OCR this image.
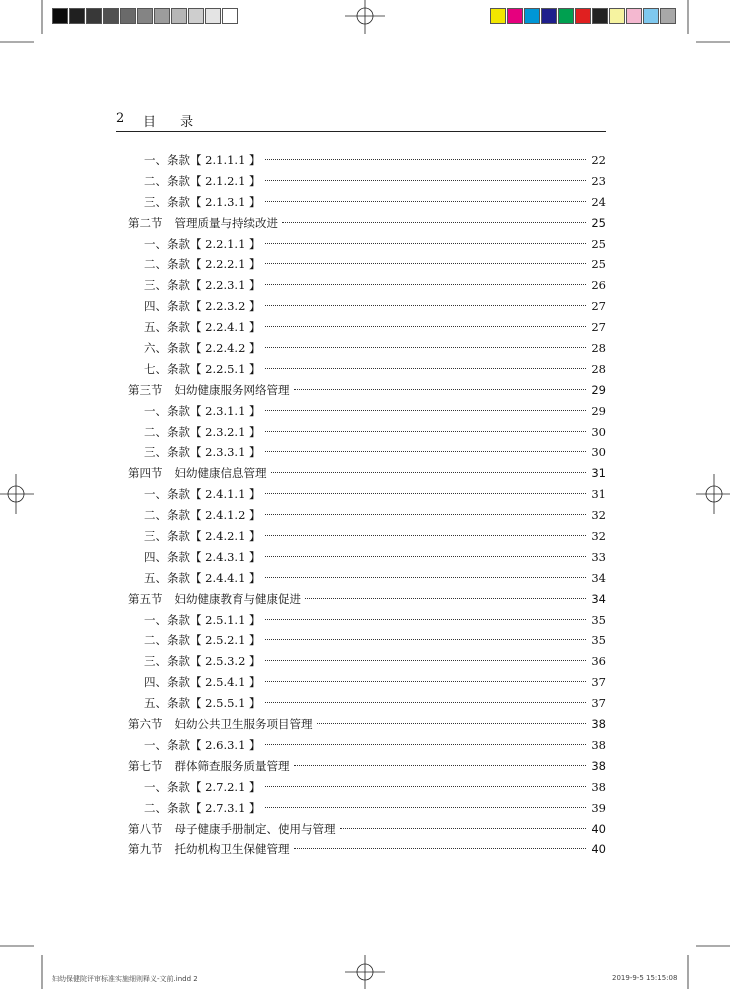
2 目 录
一、条款【 2.1.1.1 】	22
二、条款【 2.1.2.1 】	23
三、条款【 2.1.3.1 】	24
第二节 管理质量与持续改进	25
一、条款【 2.2.1.1 】	25
二、条款【 2.2.2.1 】	25
三、条款【 2.2.3.1 】	26
四、条款【 2.2.3.2 】	27
五、条款【 2.2.4.1 】	27
六、条款【 2.2.4.2 】	28
七、条款【 2.2.5.1 】	28
第三节 妇幼健康服务网络管理	29
一、条款【 2.3.1.1 】	29
二、条款【 2.3.2.1 】	30
三、条款【 2.3.3.1 】	30
第四节 妇幼健康信息管理	31
一、条款【 2.4.1.1 】	31
二、条款【 2.4.1.2 】	32
三、条款【 2.4.2.1 】	32
四、条款【 2.4.3.1 】	33
五、条款【 2.4.4.1 】	34
第五节 妇幼健康教育与健康促进	34
一、条款【 2.5.1.1 】	35
二、条款【 2.5.2.1 】	35
三、条款【 2.5.3.2 】	36
四、条款【 2.5.4.1 】	37
五、条款【 2.5.5.1 】	37
第六节 妇幼公共卫生服务项目管理	38
一、条款【 2.6.3.1 】	38
第七节 群体筛查服务质量管理	38
一、条款【 2.7.2.1 】	38
二、条款【 2.7.3.1 】	39
第八节 母子健康手册制定、使用与管理	40
第九节 托幼机构卫生保健管理	40
妇幼保健院评审标准实施细则释义-文前.indd 2	2019-9-5 15:15:08
